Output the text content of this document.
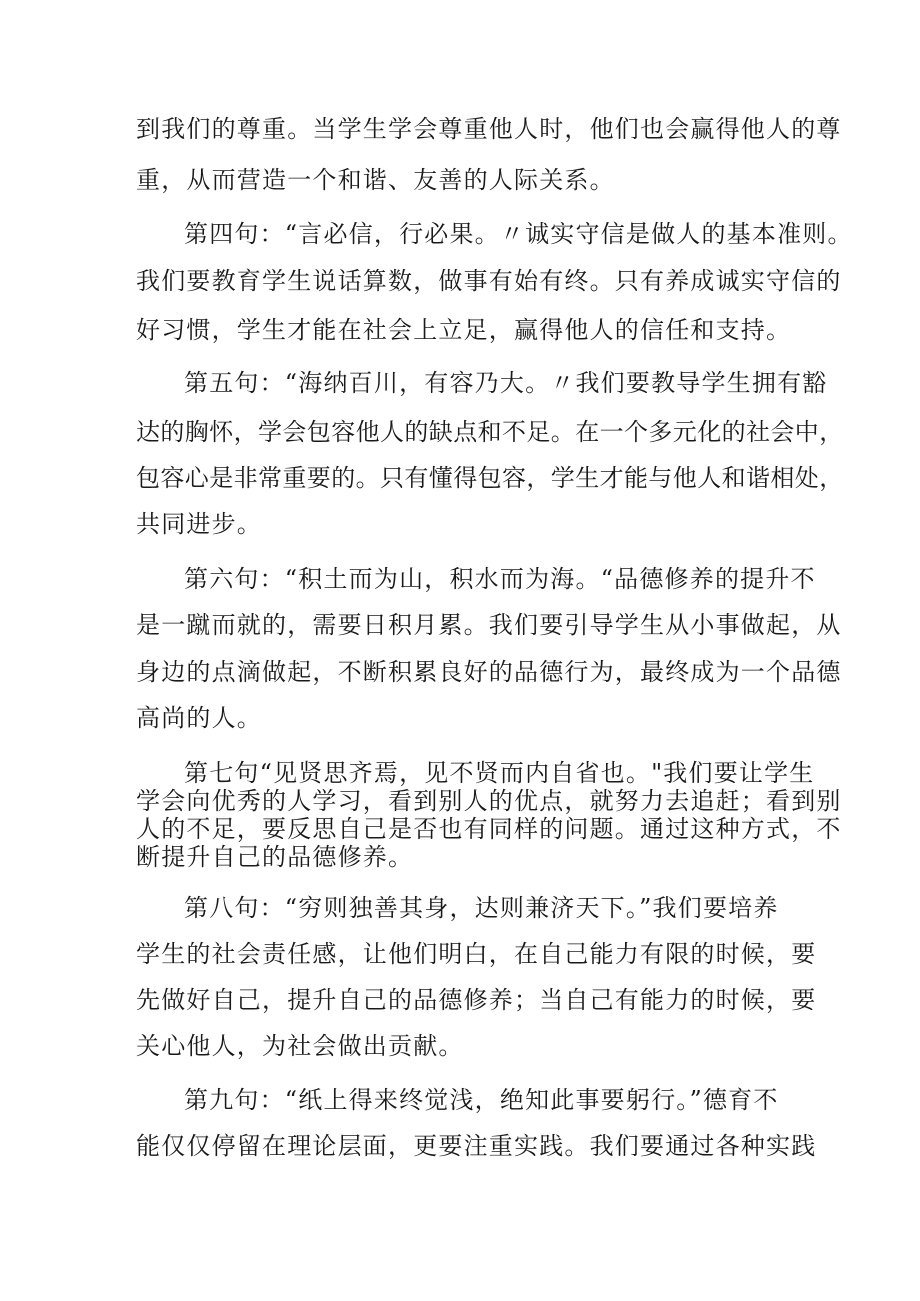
到我们的尊重。当学生学会尊重他人时，他们也会赢得他人的尊
重，从而营造一个和谐、友善的人际关系。
第四句：“言必信，行必果。〃诚实守信是做人的基本准则。
我们要教育学生说话算数，做事有始有终。只有养成诚实守信的
好习惯，学生才能在社会上立足，赢得他人的信任和支持。
第五句：“海纳百川，有容乃大。〃我们要教导学生拥有豁
达的胸怀，学会包容他人的缺点和不足。在一个多元化的社会中，
包容心是非常重要的。只有懂得包容，学生才能与他人和谐相处，
共同进步。
第六句：“积土而为山，积水而为海。“品德修养的提升不
是一蹴而就的，需要日积月累。我们要引导学生从小事做起，从
身边的点滴做起，不断积累良好的品德行为，最终成为一个品德
高尚的人。
第七句“见贤思齐焉，见不贤而内自省也。"我们要让学生
学会向优秀的人学习，看到别人的优点，就努力去追赶；看到别
人的不足，要反思自己是否也有同样的问题。通过这种方式，不
断提升自己的品德修养。
第八句：“穷则独善其身，达则兼济天下。”我们要培养
学生的社会责任感，让他们明白，在自己能力有限的时候，要
先做好自己，提升自己的品德修养；当自己有能力的时候，要
关心他人，为社会做出贡献。
第九句：“纸上得来终觉浅，绝知此事要躬行。”德育不
能仅仅停留在理论层面，更要注重实践。我们要通过各种实践
